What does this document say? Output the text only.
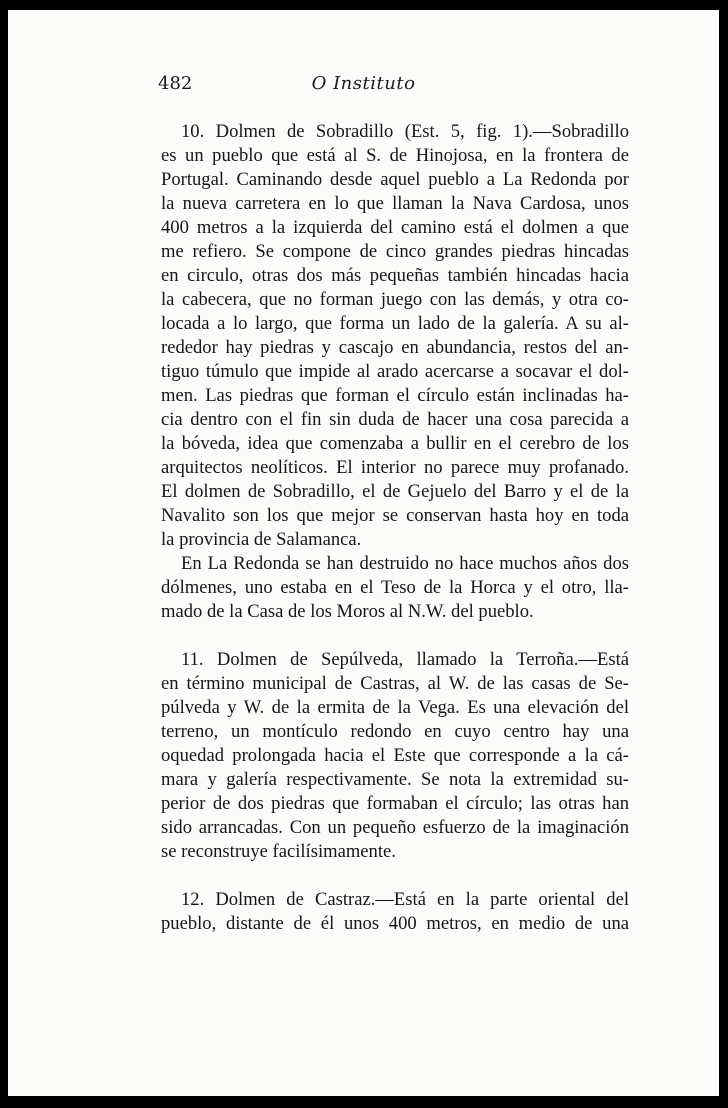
482	O Instituto
10. Dolmen de Sobradillo (Est. 5, fig. 1).—Sobradillo
es un pueblo que está al S. de Hinojosa, en la frontera de
Portugal. Caminando desde aquel pueblo a La Redonda por
la nueva carretera en lo que llaman la Nava Cardosa, unos
400 metros a la izquierda del camino está el dolmen a que
me refiero. Se compone de cinco grandes piedras hincadas
en circulo, otras dos más pequeñas también hincadas hacia
la cabecera, que no forman juego con las demás, y otra co-
locada a lo largo, que forma un lado de la galería. A su al-
rededor hay piedras y cascajo en abundancia, restos del an-
tiguo túmulo que impide al arado acercarse a socavar el dol-
men. Las piedras que forman el círculo están inclinadas ha-
cia dentro con el fin sin duda de hacer una cosa parecida a
la bóveda, idea que comenzaba a bullir en el cerebro de los
arquitectos neolíticos. El interior no parece muy profanado.
El dolmen de Sobradillo, el de Gejuelo del Barro y el de la
Navalito son los que mejor se conservan hasta hoy en toda
la provincia de Salamanca.
En La Redonda se han destruido no hace muchos años dos
dólmenes, uno estaba en el Teso de la Horca y el otro, lla-
mado de la Casa de los Moros al N.W. del pueblo.
11. Dolmen de Sepúlveda, llamado la Terroña.—Está
en término municipal de Castras, al W. de las casas de Se-
púlveda y W. de la ermita de la Vega. Es una elevación del
terreno, un montículo redondo en cuyo centro hay una
oquedad prolongada hacia el Este que corresponde a la cá-
mara y galería respectivamente. Se nota la extremidad su-
perior de dos piedras que formaban el círculo; las otras han
sido arrancadas. Con un pequeño esfuerzo de la imaginación
se reconstruye facilísimamente.
12. Dolmen de Castraz.—Está en la parte oriental del
pueblo, distante de él unos 400 metros, en medio de una
